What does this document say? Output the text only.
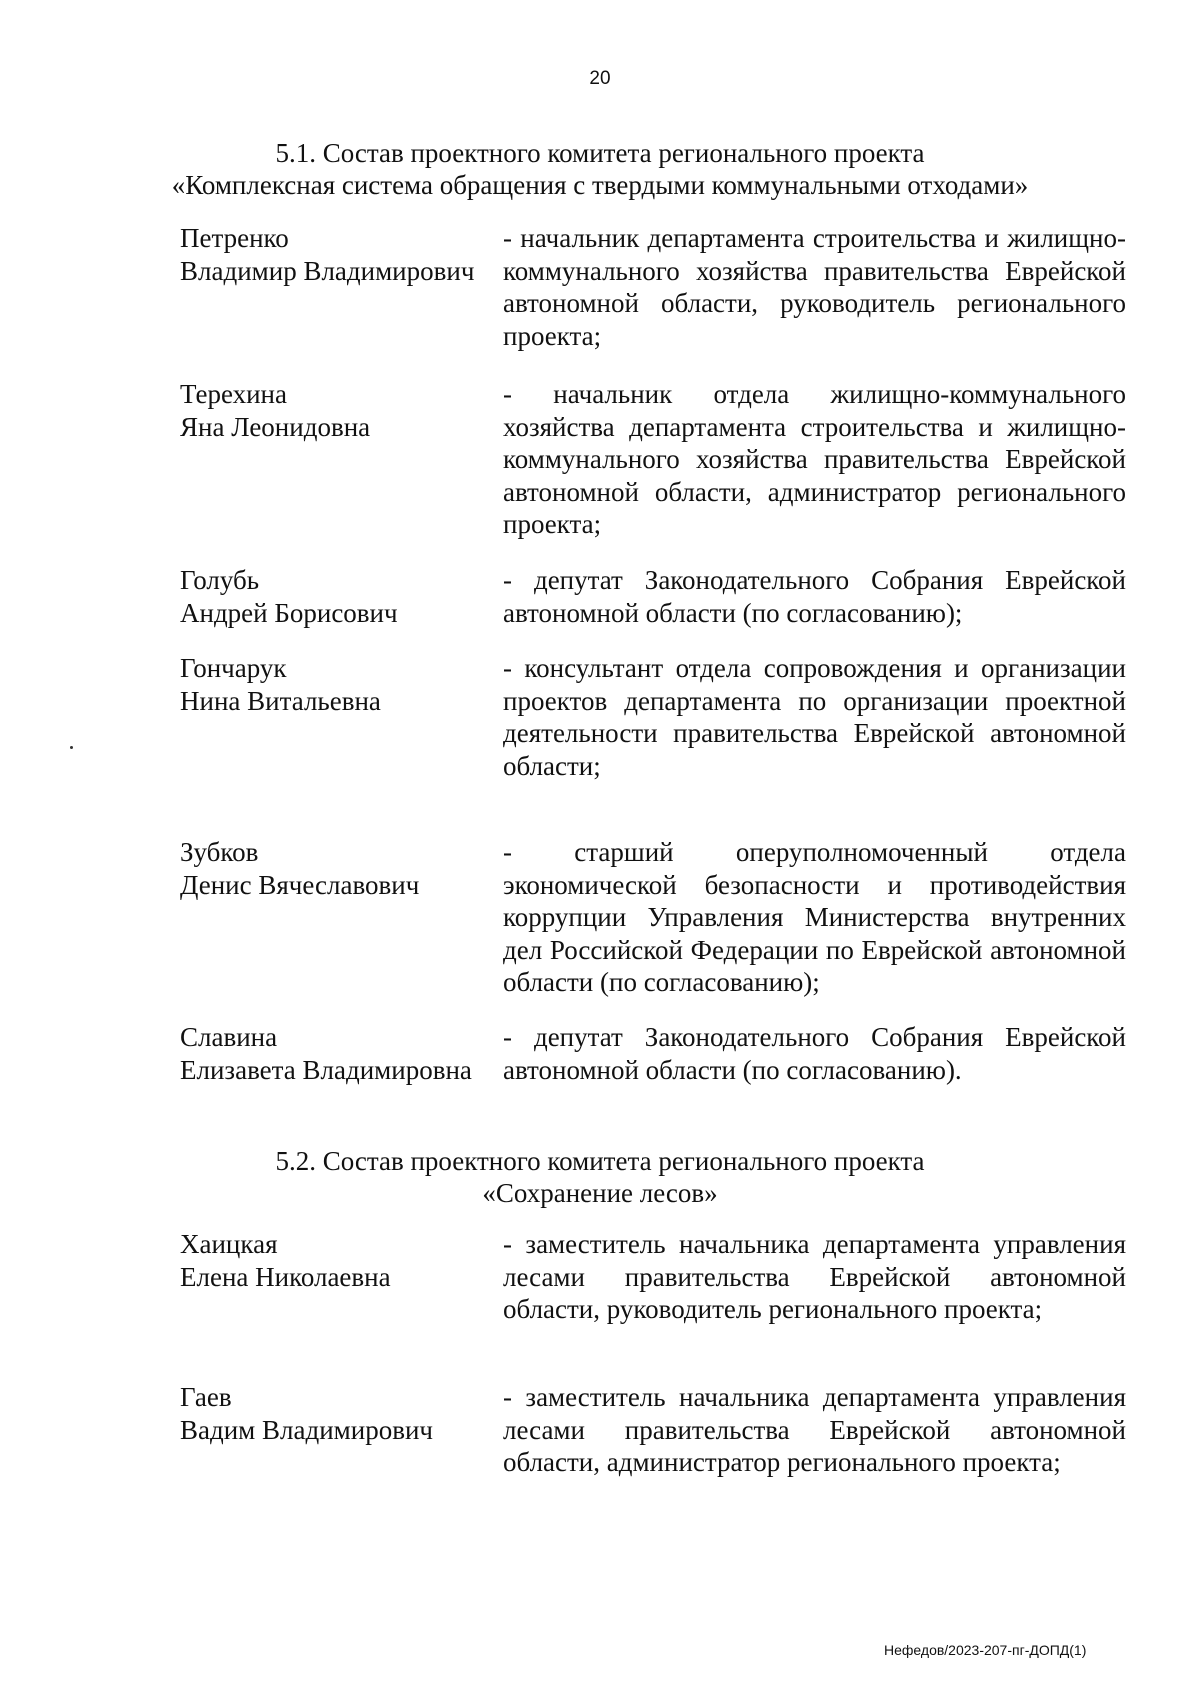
20
5.1. Состав проектного комитета регионального проекта
«Комплексная система обращения с твердыми коммунальными отходами»
Петренко
Владимир Владимирович
- начальник департамента строительства и жилищно-коммунального хозяйства правительства Еврейской автономной области, руководитель регионального проекта;
Терехина
Яна Леонидовна
- начальник отдела жилищно-коммунального хозяйства департамента строительства и жилищно-коммунального хозяйства правительства Еврейской автономной области, администратор регионального проекта;
Голубь
Андрей Борисович
- депутат Законодательного Собрания Еврейской автономной области (по согласованию);
Гончарук
Нина Витальевна
- консультант отдела сопровождения и организации проектов департамента по организации проектной деятельности правительства Еврейской автономной области;
Зубков
Денис Вячеславович
- старший оперуполномоченный отдела экономической безопасности и противодействия коррупции Управления Министерства внутренних дел Российской Федерации по Еврейской автономной области (по согласованию);
Славина
Елизавета Владимировна
- депутат Законодательного Собрания Еврейской автономной области (по согласованию).
5.2. Состав проектного комитета регионального проекта
«Сохранение лесов»
Хаицкая
Елена Николаевна
- заместитель начальника департамента управления лесами правительства Еврейской автономной области, руководитель регионального проекта;
Гаев
Вадим Владимирович
- заместитель начальника департамента управления лесами правительства Еврейской автономной области, администратор регионального проекта;
Нефедов/2023-207-пг-ДОПД(1)
